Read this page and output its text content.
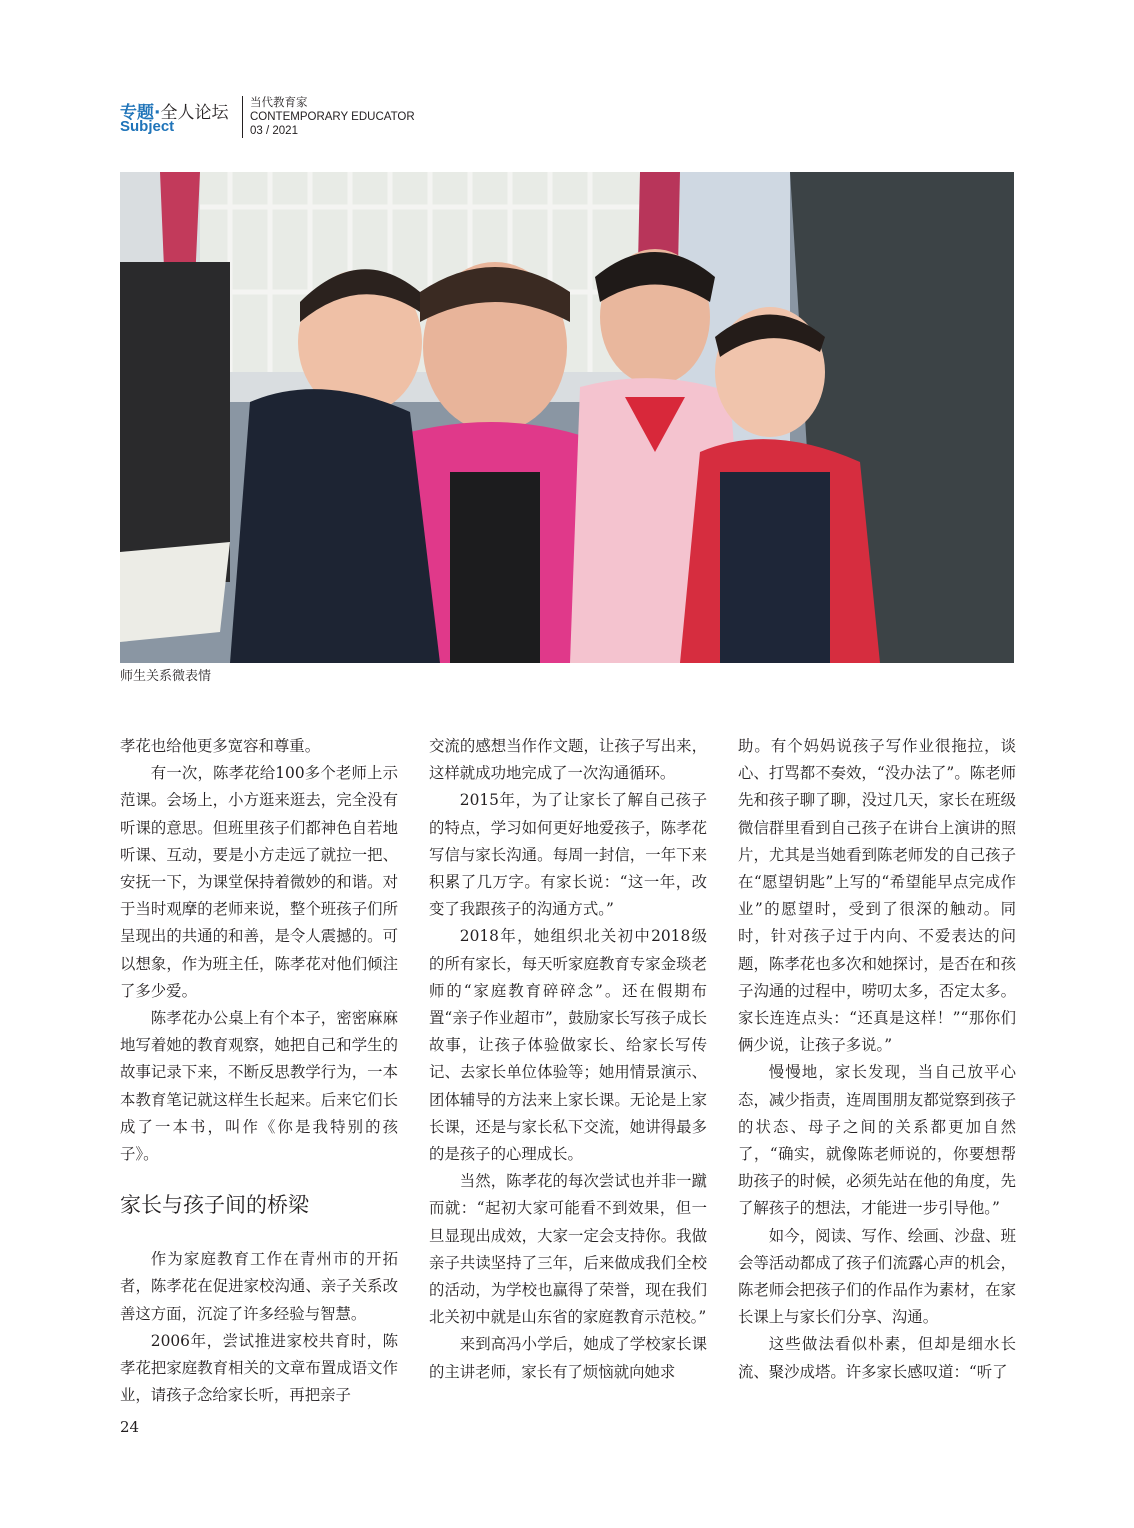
专题·全人论坛
Subject
当代教育家
CONTEMPORARY EDUCATOR
03 / 2021
师生关系微表情

孝花也给他更多宽容和尊重。

有一次，陈孝花给100多个老师上示范课。会场上，小方逛来逛去，完全没有听课的意思。但班里孩子们都神色自若地听课、互动，要是小方走远了就拉一把、安抚一下，为课堂保持着微妙的和谐。对于当时观摩的老师来说，整个班孩子们所呈现出的共通的和善，是令人震撼的。可以想象，作为班主任，陈孝花对他们倾注了多少爱。

陈孝花办公桌上有个本子，密密麻麻地写着她的教育观察，她把自己和学生的故事记录下来，不断反思教学行为，一本本教育笔记就这样生长起来。后来它们长成了一本书，叫作《你是我特别的孩子》。

家长与孩子间的桥梁

作为家庭教育工作在青州市的开拓者，陈孝花在促进家校沟通、亲子关系改善这方面，沉淀了许多经验与智慧。

2006年，尝试推进家校共育时，陈孝花把家庭教育相关的文章布置成语文作业，请孩子念给家长听，再把亲子

交流的感想当作作文题，让孩子写出来，这样就成功地完成了一次沟通循环。

2015年，为了让家长了解自己孩子的特点，学习如何更好地爱孩子，陈孝花写信与家长沟通。每周一封信，一年下来积累了几万字。有家长说：“这一年，改变了我跟孩子的沟通方式。”

2018年，她组织北关初中2018级的所有家长，每天听家庭教育专家金琰老师的“家庭教育碎碎念”。还在假期布置“亲子作业超市”，鼓励家长写孩子成长故事，让孩子体验做家长、给家长写传记、去家长单位体验等；她用情景演示、团体辅导的方法来上家长课。无论是上家长课，还是与家长私下交流，她讲得最多的是孩子的心理成长。

当然，陈孝花的每次尝试也并非一蹴而就：“起初大家可能看不到效果，但一旦显现出成效，大家一定会支持你。我做亲子共读坚持了三年，后来做成我们全校的活动，为学校也赢得了荣誉，现在我们北关初中就是山东省的家庭教育示范校。”

来到高冯小学后，她成了学校家长课的主讲老师，家长有了烦恼就向她求

助。有个妈妈说孩子写作业很拖拉，谈心、打骂都不奏效，“没办法了”。陈老师先和孩子聊了聊，没过几天，家长在班级微信群里看到自己孩子在讲台上演讲的照片，尤其是当她看到陈老师发的自己孩子在“愿望钥匙”上写的“希望能早点完成作业”的愿望时，受到了很深的触动。同时，针对孩子过于内向、不爱表达的问题，陈孝花也多次和她探讨，是否在和孩子沟通的过程中，唠叨太多，否定太多。家长连连点头：“还真是这样！”“那你们俩少说，让孩子多说。”

慢慢地，家长发现，当自己放平心态，减少指责，连周围朋友都觉察到孩子的状态、母子之间的关系都更加自然了，“确实，就像陈老师说的，你要想帮助孩子的时候，必须先站在他的角度，先了解孩子的想法，才能进一步引导他。”

如今，阅读、写作、绘画、沙盘、班会等活动都成了孩子们流露心声的机会，陈老师会把孩子们的作品作为素材，在家长课上与家长们分享、沟通。

这些做法看似朴素，但却是细水长流、聚沙成塔。许多家长感叹道：“听了

24
